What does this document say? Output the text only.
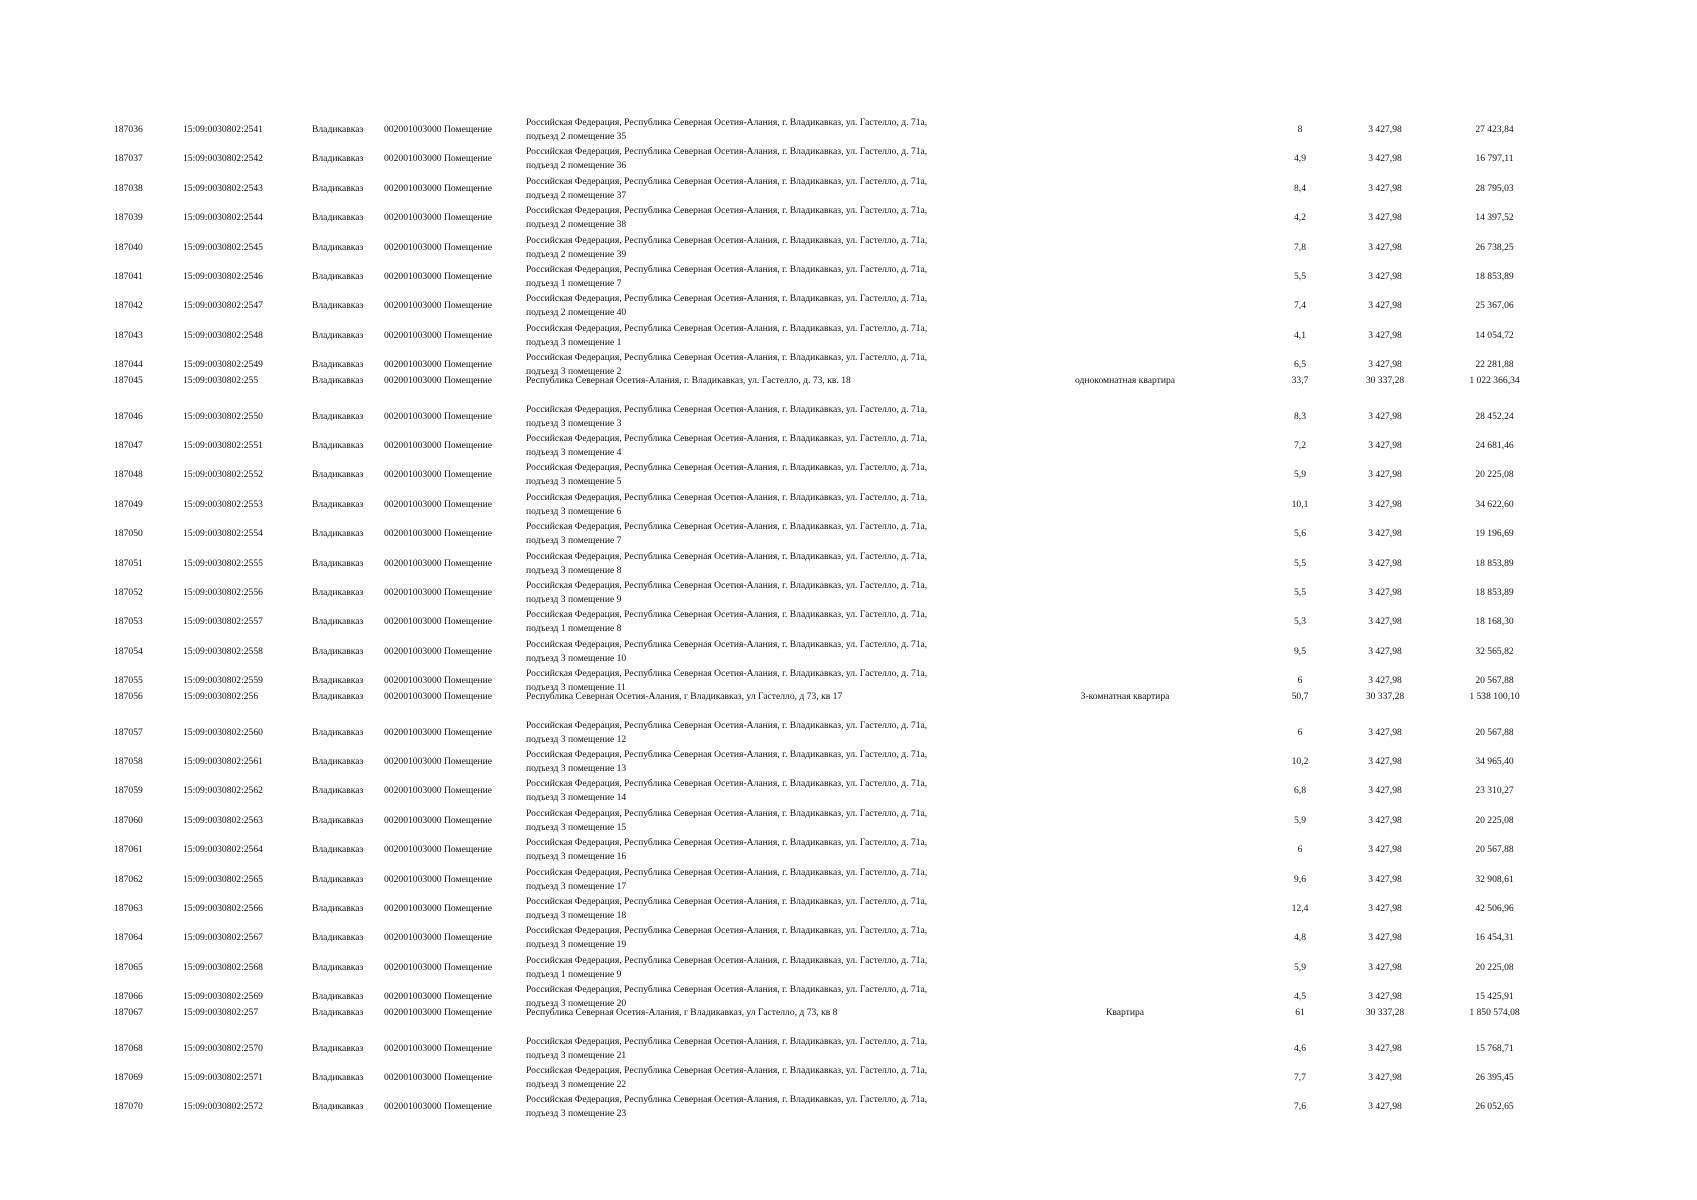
187036	15:09:0030802:2541	Владикавказ	002001003000 Помещение
Российская Федерация, Республика Северная Осетия-Алания, г. Владикавказ, ул. Гастелло, д. 71а,
подъезд 2 помещение 35
8	3 427,98	27 423,84
187037	15:09:0030802:2542	Владикавказ	002001003000 Помещение
Российская Федерация, Республика Северная Осетия-Алания, г. Владикавказ, ул. Гастелло, д. 71а,
подъезд 2 помещение 36
4,9	3 427,98	16 797,11
187038	15:09:0030802:2543	Владикавказ	002001003000 Помещение
Российская Федерация, Республика Северная Осетия-Алания, г. Владикавказ, ул. Гастелло, д. 71а,
подъезд 2 помещение 37
8,4	3 427,98	28 795,03
187039	15:09:0030802:2544	Владикавказ	002001003000 Помещение
Российская Федерация, Республика Северная Осетия-Алания, г. Владикавказ, ул. Гастелло, д. 71а,
подъезд 2 помещение 38
4,2	3 427,98	14 397,52
187040	15:09:0030802:2545	Владикавказ	002001003000 Помещение
Российская Федерация, Республика Северная Осетия-Алания, г. Владикавказ, ул. Гастелло, д. 71а,
подъезд 2 помещение 39
7,8	3 427,98	26 738,25
187041	15:09:0030802:2546	Владикавказ	002001003000 Помещение
Российская Федерация, Республика Северная Осетия-Алания, г. Владикавказ, ул. Гастелло, д. 71а,
подъезд 1 помещение 7
5,5	3 427,98	18 853,89
187042	15:09:0030802:2547	Владикавказ	002001003000 Помещение
Российская Федерация, Республика Северная Осетия-Алания, г. Владикавказ, ул. Гастелло, д. 71а,
подъезд 2 помещение 40
7,4	3 427,98	25 367,06
187043	15:09:0030802:2548	Владикавказ	002001003000 Помещение
Российская Федерация, Республика Северная Осетия-Алания, г. Владикавказ, ул. Гастелло, д. 71а,
подъезд 3 помещение 1
4,1	3 427,98	14 054,72
187044	15:09:0030802:2549	Владикавказ	002001003000 Помещение
Российская Федерация, Республика Северная Осетия-Алания, г. Владикавказ, ул. Гастелло, д. 71а,
подъезд 3 помещение 2
6,5	3 427,98	22 281,88
187045	15:09:0030802:255	Владикавказ	002001003000 Помещение	Республика Северная Осетия-Алания, г. Владикавказ, ул. Гастелло, д. 73, кв. 18	однокомнатная квартира	33,7	30 337,28	1 022 366,34
187046	15:09:0030802:2550	Владикавказ	002001003000 Помещение
Российская Федерация, Республика Северная Осетия-Алания, г. Владикавказ, ул. Гастелло, д. 71а,
подъезд 3 помещение 3
8,3	3 427,98	28 452,24
187047	15:09:0030802:2551	Владикавказ	002001003000 Помещение
Российская Федерация, Республика Северная Осетия-Алания, г. Владикавказ, ул. Гастелло, д. 71а,
подъезд 3 помещение 4
7,2	3 427,98	24 681,46
187048	15:09:0030802:2552	Владикавказ	002001003000 Помещение
Российская Федерация, Республика Северная Осетия-Алания, г. Владикавказ, ул. Гастелло, д. 71а,
подъезд 3 помещение 5
5,9	3 427,98	20 225,08
187049	15:09:0030802:2553	Владикавказ	002001003000 Помещение
Российская Федерация, Республика Северная Осетия-Алания, г. Владикавказ, ул. Гастелло, д. 71а,
подъезд 3 помещение 6
10,1	3 427,98	34 622,60
187050	15:09:0030802:2554	Владикавказ	002001003000 Помещение
Российская Федерация, Республика Северная Осетия-Алания, г. Владикавказ, ул. Гастелло, д. 71а,
подъезд 3 помещение 7
5,6	3 427,98	19 196,69
187051	15:09:0030802:2555	Владикавказ	002001003000 Помещение
Российская Федерация, Республика Северная Осетия-Алания, г. Владикавказ, ул. Гастелло, д. 71а,
подъезд 3 помещение 8
5,5	3 427,98	18 853,89
187052	15:09:0030802:2556	Владикавказ	002001003000 Помещение
Российская Федерация, Республика Северная Осетия-Алания, г. Владикавказ, ул. Гастелло, д. 71а,
подъезд 3 помещение 9
5,5	3 427,98	18 853,89
187053	15:09:0030802:2557	Владикавказ	002001003000 Помещение
Российская Федерация, Республика Северная Осетия-Алания, г. Владикавказ, ул. Гастелло, д. 71а,
подъезд 1 помещение 8
5,3	3 427,98	18 168,30
187054	15:09:0030802:2558	Владикавказ	002001003000 Помещение
Российская Федерация, Республика Северная Осетия-Алания, г. Владикавказ, ул. Гастелло, д. 71а,
подъезд 3 помещение 10
9,5	3 427,98	32 565,82
187055	15:09:0030802:2559	Владикавказ	002001003000 Помещение
Российская Федерация, Республика Северная Осетия-Алания, г. Владикавказ, ул. Гастелло, д. 71а,
подъезд 3 помещение 11
6	3 427,98	20 567,88
187056	15:09:0030802:256	Владикавказ	002001003000 Помещение	Республика Северная Осетия-Алания, г Владикавказ, ул Гастелло, д 73, кв 17	3-комнатная квартира	50,7	30 337,28	1 538 100,10
187057	15:09:0030802:2560	Владикавказ	002001003000 Помещение
Российская Федерация, Республика Северная Осетия-Алания, г. Владикавказ, ул. Гастелло, д. 71а,
подъезд 3 помещение 12
6	3 427,98	20 567,88
187058	15:09:0030802:2561	Владикавказ	002001003000 Помещение
Российская Федерация, Республика Северная Осетия-Алания, г. Владикавказ, ул. Гастелло, д. 71а,
подъезд 3 помещение 13
10,2	3 427,98	34 965,40
187059	15:09:0030802:2562	Владикавказ	002001003000 Помещение
Российская Федерация, Республика Северная Осетия-Алания, г. Владикавказ, ул. Гастелло, д. 71а,
подъезд 3 помещение 14
6,8	3 427,98	23 310,27
187060	15:09:0030802:2563	Владикавказ	002001003000 Помещение
Российская Федерация, Республика Северная Осетия-Алания, г. Владикавказ, ул. Гастелло, д. 71а,
подъезд 3 помещение 15
5,9	3 427,98	20 225,08
187061	15:09:0030802:2564	Владикавказ	002001003000 Помещение
Российская Федерация, Республика Северная Осетия-Алания, г. Владикавказ, ул. Гастелло, д. 71а,
подъезд 3 помещение 16
6	3 427,98	20 567,88
187062	15:09:0030802:2565	Владикавказ	002001003000 Помещение
Российская Федерация, Республика Северная Осетия-Алания, г. Владикавказ, ул. Гастелло, д. 71а,
подъезд 3 помещение 17
9,6	3 427,98	32 908,61
187063	15:09:0030802:2566	Владикавказ	002001003000 Помещение
Российская Федерация, Республика Северная Осетия-Алания, г. Владикавказ, ул. Гастелло, д. 71а,
подъезд 3 помещение 18
12,4	3 427,98	42 506,96
187064	15:09:0030802:2567	Владикавказ	002001003000 Помещение
Российская Федерация, Республика Северная Осетия-Алания, г. Владикавказ, ул. Гастелло, д. 71а,
подъезд 3 помещение 19
4,8	3 427,98	16 454,31
187065	15:09:0030802:2568	Владикавказ	002001003000 Помещение
Российская Федерация, Республика Северная Осетия-Алания, г. Владикавказ, ул. Гастелло, д. 71а,
подъезд 1 помещение 9
5,9	3 427,98	20 225,08
187066	15:09:0030802:2569	Владикавказ	002001003000 Помещение
Российская Федерация, Республика Северная Осетия-Алания, г. Владикавказ, ул. Гастелло, д. 71а,
подъезд 3 помещение 20
4,5	3 427,98	15 425,91
187067	15:09:0030802:257	Владикавказ	002001003000 Помещение	Республика Северная Осетия-Алания, г Владикавказ, ул Гастелло, д 73, кв 8	Квартира	61	30 337,28	1 850 574,08
187068	15:09:0030802:2570	Владикавказ	002001003000 Помещение
Российская Федерация, Республика Северная Осетия-Алания, г. Владикавказ, ул. Гастелло, д. 71а,
подъезд 3 помещение 21
4,6	3 427,98	15 768,71
187069	15:09:0030802:2571	Владикавказ	002001003000 Помещение
Российская Федерация, Республика Северная Осетия-Алания, г. Владикавказ, ул. Гастелло, д. 71а,
подъезд 3 помещение 22
7,7	3 427,98	26 395,45
187070	15:09:0030802:2572	Владикавказ	002001003000 Помещение
Российская Федерация, Республика Северная Осетия-Алания, г. Владикавказ, ул. Гастелло, д. 71а,
подъезд 3 помещение 23
7,6	3 427,98	26 052,65
